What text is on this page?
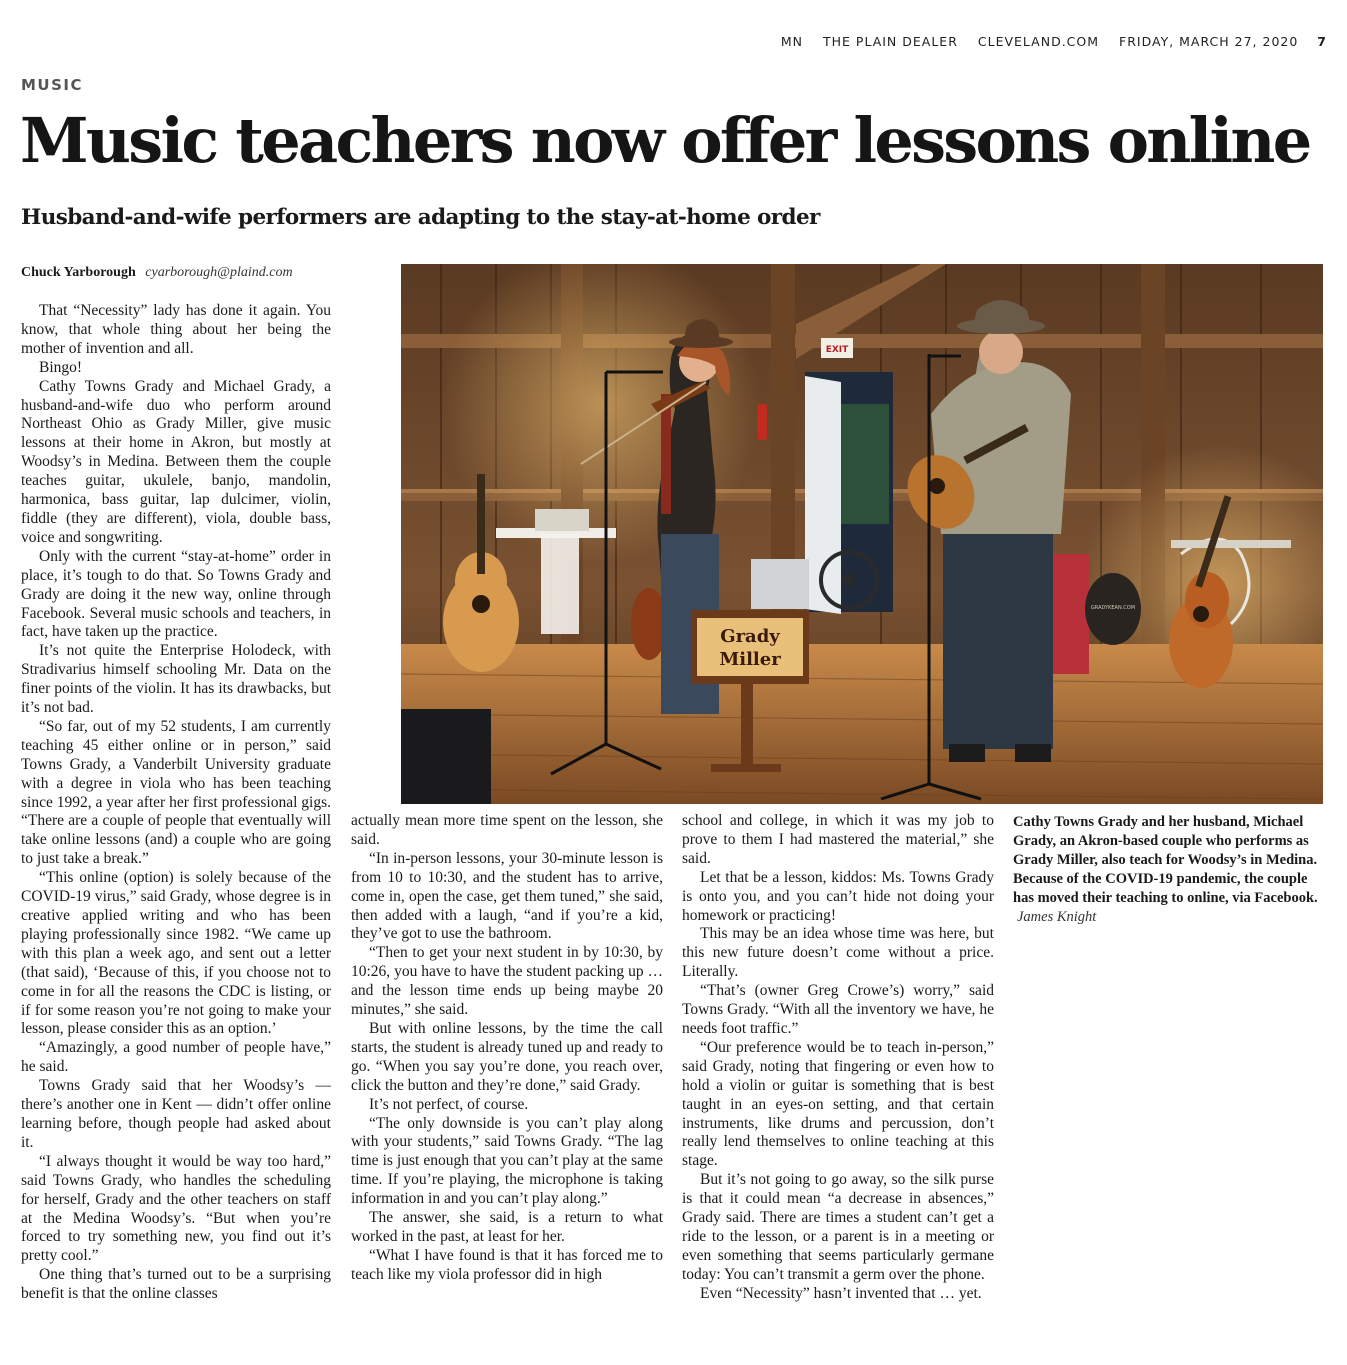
MN THE PLAIN DEALER CLEVELAND.COM FRIDAY, MARCH 27, 2020 7
MUSIC
Music teachers now offer lessons online
Husband-and-wife performers are adapting to the stay-at-home order
Chuck Yarborough cyarborough@plaind.com
EXIT
GRADYKEAN.COM
Grady
Miller

That “Necessity” lady has done it again. You know, that whole thing about her being the mother of invention and all.

Bingo!

Cathy Towns Grady and Michael Grady, a husband-and-wife duo who perform around Northeast Ohio as Grady Miller, give music lessons at their home in Akron, but mostly at Woodsy’s in Medina. Between them the couple teaches guitar, ukulele, banjo, mandolin, harmonica, bass guitar, lap dulcimer, violin, fiddle (they are different), viola, double bass, voice and songwriting.

Only with the current “stay-at-home” order in place, it’s tough to do that. So Towns Grady and Grady are doing it the new way, online through Facebook. Several music schools and teachers, in fact, have taken up the practice.

It’s not quite the Enterprise Holodeck, with Stradivarius himself schooling Mr. Data on the finer points of the violin. It has its drawbacks, but it’s not bad.

“So far, out of my 52 students, I am currently teaching 45 either online or in person,” said Towns Grady, a Vanderbilt University graduate with a degree in viola who has been teaching since 1992, a year after her first professional gigs. “There are a couple of people that eventually will take online lessons (and) a couple who are going to just take a break.”

“This online (option) is solely because of the COVID-19 virus,” said Grady, whose degree is in creative applied writing and who has been playing professionally since 1982. “We came up with this plan a week ago, and sent out a letter (that said), ‘Because of this, if you choose not to come in for all the reasons the CDC is listing, or if for some reason you’re not going to make your lesson, please consider this as an option.’

“Amazingly, a good number of people have,” he said.

Towns Grady said that her Woodsy’s — there’s another one in Kent — didn’t offer online learning before, though people had asked about it.

“I always thought it would be way too hard,” said Towns Grady, who handles the scheduling for herself, Grady and the other teachers on staff at the Medina Woodsy’s. “But when you’re forced to try something new, you find out it’s pretty cool.”

One thing that’s turned out to be a surprising benefit is that the online classes

actually mean more time spent on the lesson, she said.

“In in-person lessons, your 30-minute lesson is from 10 to 10:30, and the student has to arrive, come in, open the case, get them tuned,” she said, then added with a laugh, “and if you’re a kid, they’ve got to use the bathroom.

“Then to get your next student in by 10:30, by 10:26, you have to have the student packing up … and the lesson time ends up being maybe 20 minutes,” she said.

But with online lessons, by the time the call starts, the student is already tuned up and ready to go. “When you say you’re done, you reach over, click the button and they’re done,” said Grady.

It’s not perfect, of course.

“The only downside is you can’t play along with your students,” said Towns Grady. “The lag time is just enough that you can’t play at the same time. If you’re playing, the microphone is taking information in and you can’t play along.”

The answer, she said, is a return to what worked in the past, at least for her.

“What I have found is that it has forced me to teach like my viola professor did in high

school and college, in which it was my job to prove to them I had mastered the material,” she said.

Let that be a lesson, kiddos: Ms. Towns Grady is onto you, and you can’t hide not doing your homework or practicing!

This may be an idea whose time was here, but this new future doesn’t come without a price. Literally.

“That’s (owner Greg Crowe’s) worry,” said Towns Grady. “With all the inventory we have, he needs foot traffic.”

“Our preference would be to teach in-person,” said Grady, noting that fingering or even how to hold a violin or guitar is something that is best taught in an eyes-on setting, and that certain instruments, like drums and percussion, don’t really lend themselves to online teaching at this stage.

But it’s not going to go away, so the silk purse is that it could mean “a decrease in absences,” Grady said. There are times a student can’t get a ride to the lesson, or a parent is in a meeting or even something that seems particularly germane today: You can’t transmit a germ over the phone.

Even “Necessity” hasn’t invented that … yet.

Cathy Towns Grady and her husband, Michael Grady, an Akron-based couple who performs as Grady Miller, also teach for Woodsy’s in Medina. Because of the COVID-19 pandemic, the couple has moved their teaching to online, via Facebook. James Knight
